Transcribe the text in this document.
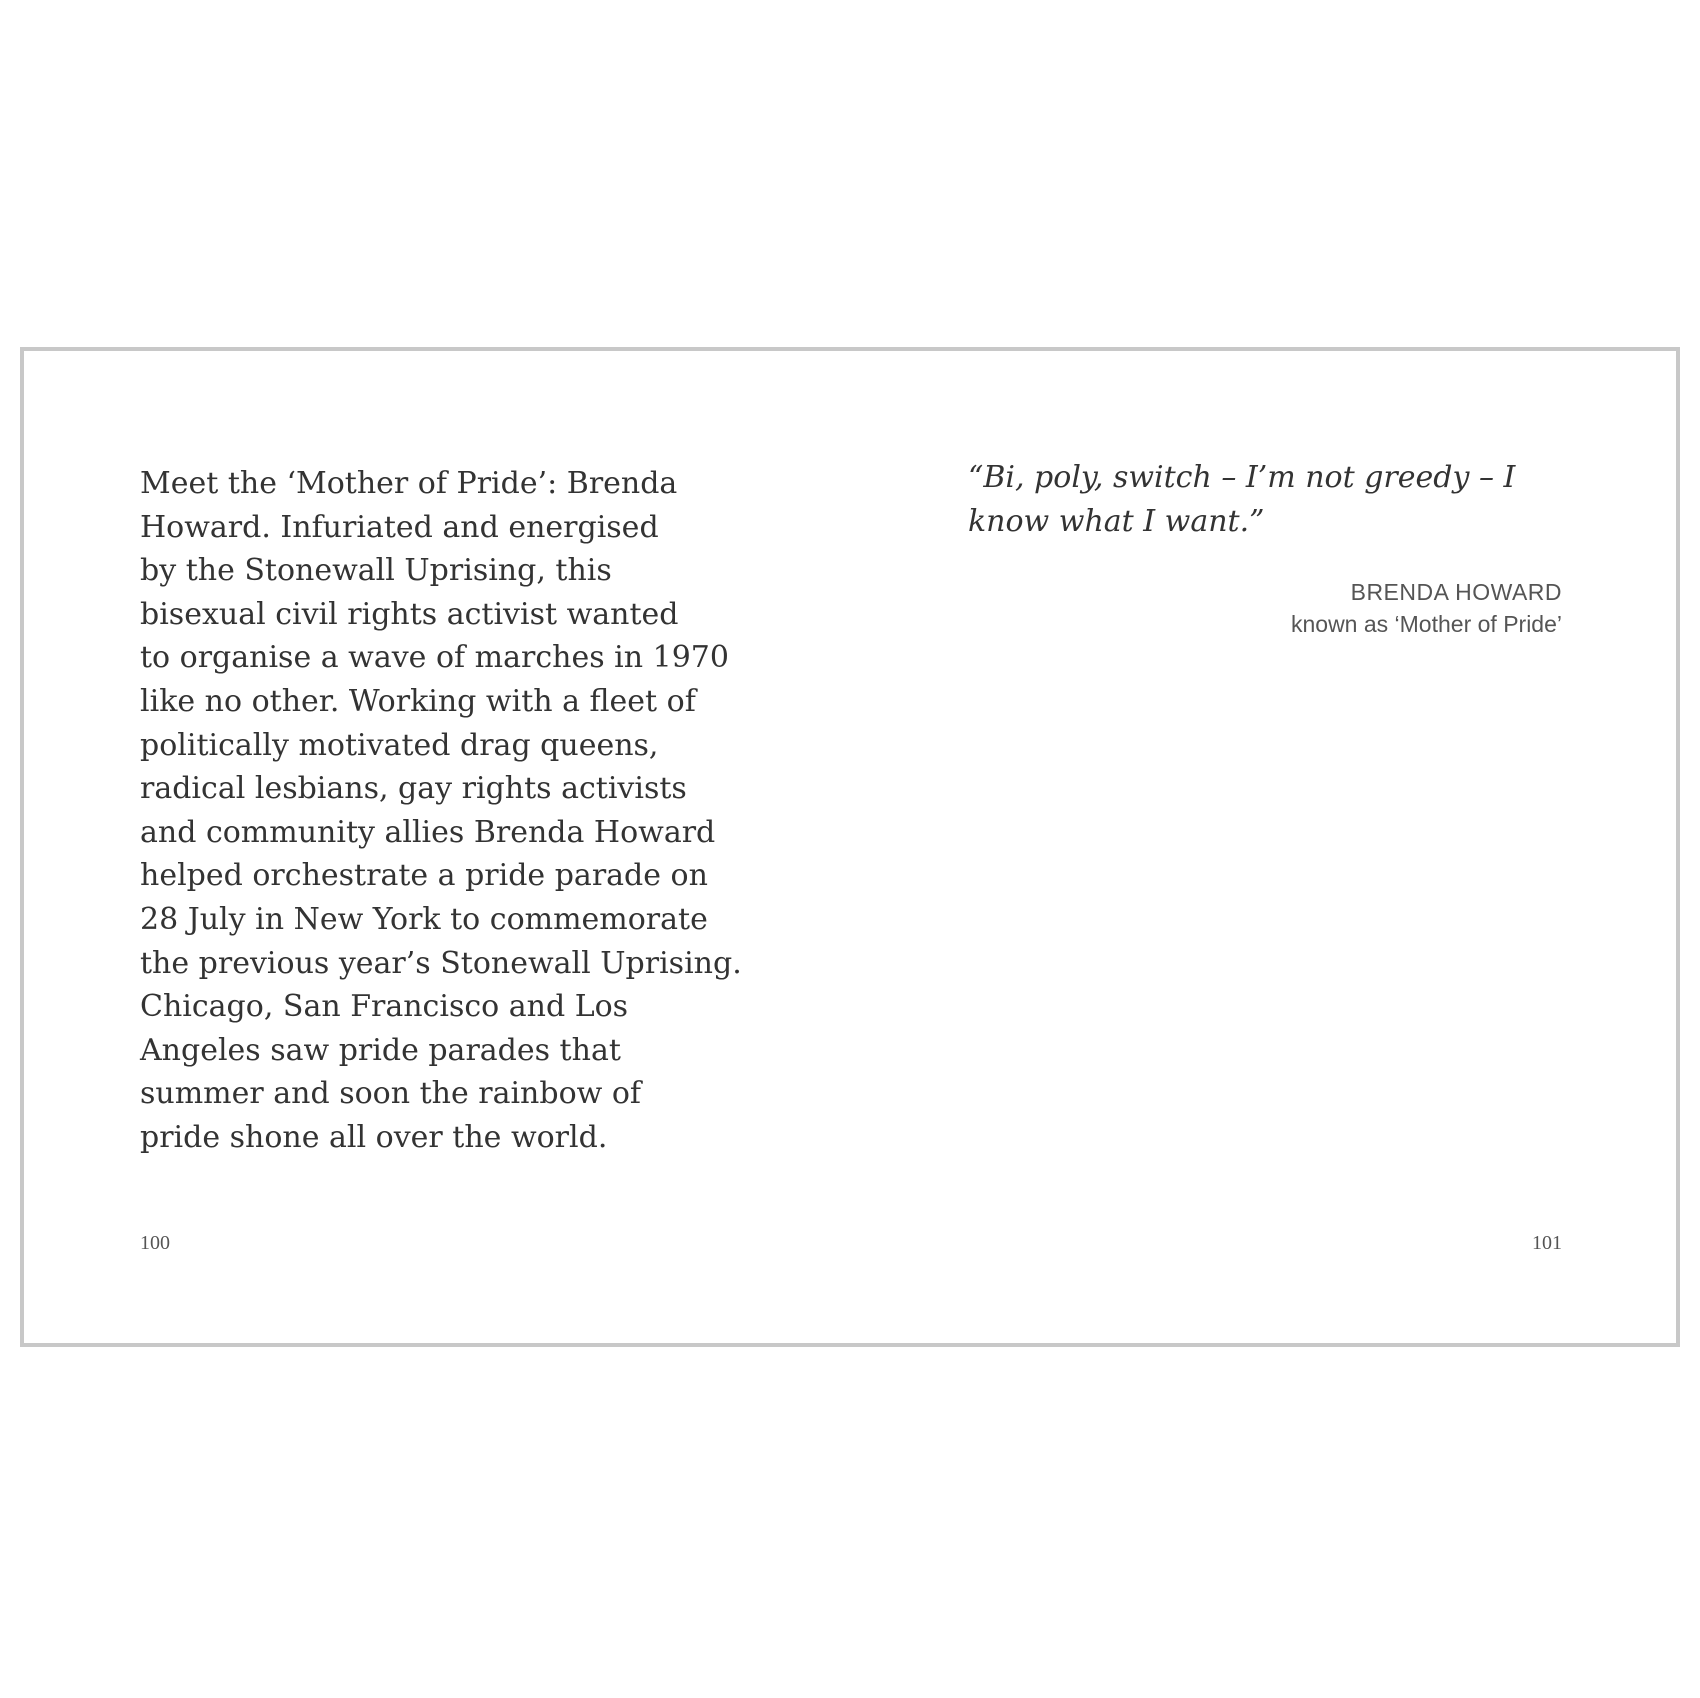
Meet the ‘Mother of Pride’: Brenda
Howard. Infuriated and energised
by the Stonewall Uprising, this
bisexual civil rights activist wanted
to organise a wave of marches in 1970
like no other. Working with a fleet of
politically motivated drag queens,
radical lesbians, gay rights activists
and community allies Brenda Howard
helped orchestrate a pride parade on
28 July in New York to commemorate
the previous year’s Stonewall Uprising.
Chicago, San Francisco and Los
Angeles saw pride parades that
summer and soon the rainbow of
pride shone all over the world.

“Bi, poly, switch – I’m not greedy – I
know what I want.”

BRENDA HOWARD
known as ‘Mother of Pride’
100	101
